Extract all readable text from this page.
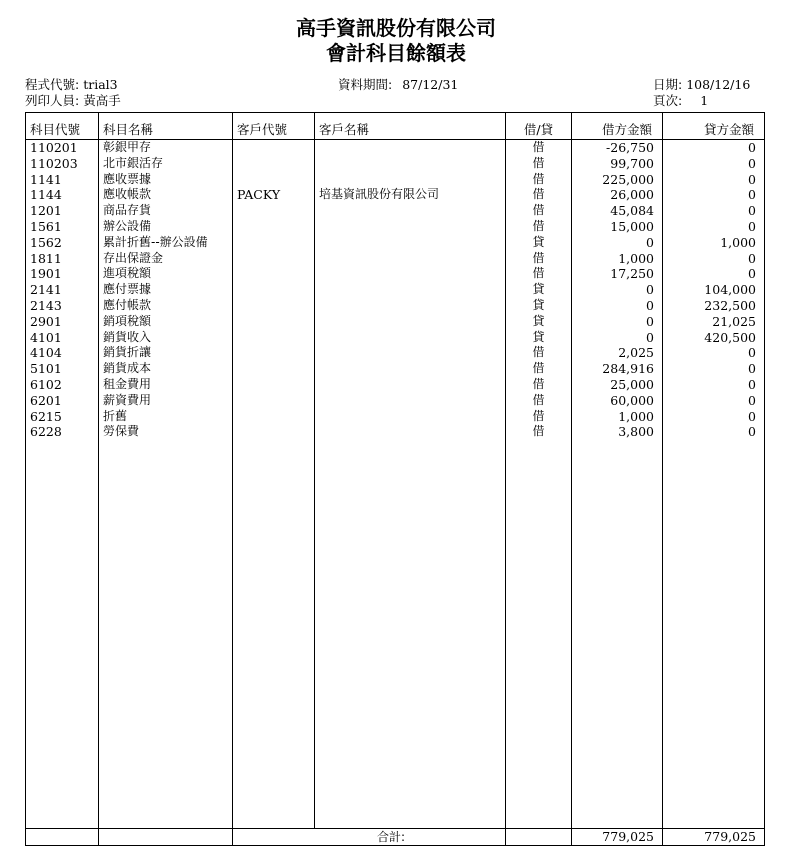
高手資訊股份有限公司
會計科目餘額表
程式代號: trial3
列印人員: 黃高手
資料期間: 87/12/31	日期: 108/12/16
頁次: 1
科目代號	科目名稱	客戶代號	客戶名稱	借/貸	借方金額	貸方金額
110201	彰銀甲存			借	-26,750	0
110203	北市銀活存			借	99,700	0
1141	應收票據			借	225,000	0
1144	應收帳款	PACKY	培基資訊股份有限公司	借	26,000	0
1201	商品存貨			借	45,084	0
1561	辦公設備			借	15,000	0
1562	累計折舊--辦公設備			貸	0	1,000
1811	存出保證金			借	1,000	0
1901	進項稅額			借	17,250	0
2141	應付票據			貸	0	104,000
2143	應付帳款			貸	0	232,500
2901	銷項稅額			貸	0	21,025
4101	銷貨收入			貸	0	420,500
4104	銷貨折讓			借	2,025	0
5101	銷貨成本			借	284,916	0
6102	租金費用			借	25,000	0
6201	薪資費用			借	60,000	0
6215	折舊			借	1,000	0
6228	勞保費			借	3,800	0

		合計:			779,025	779,025
